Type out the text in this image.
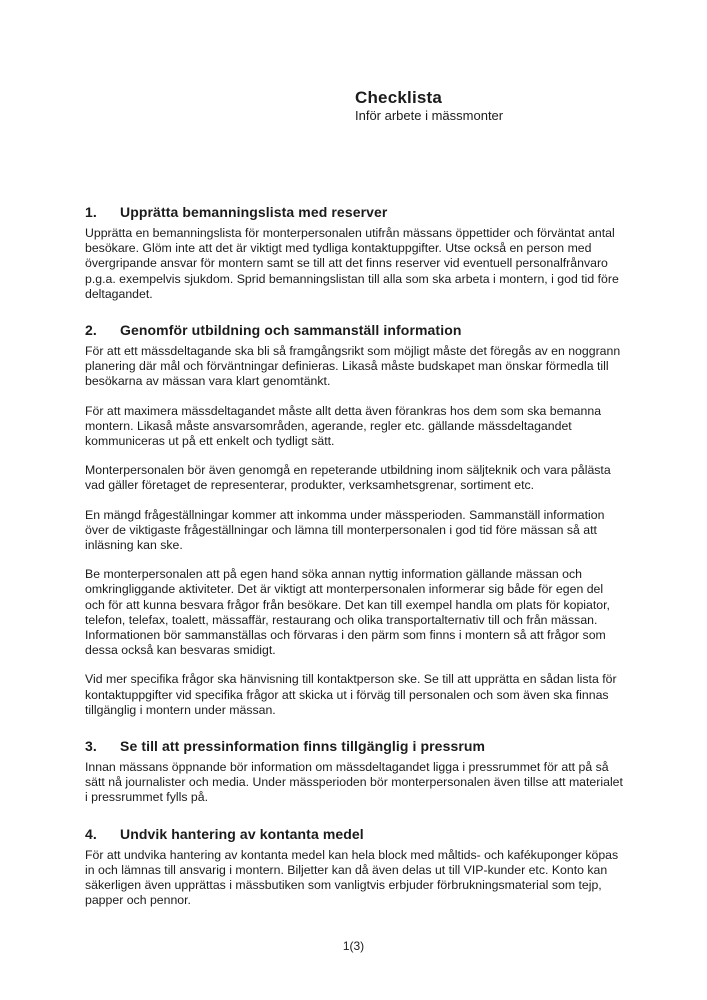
Checklista
Inför arbete i mässmonter
1.	Upprätta bemanningslista med reserver

Upprätta en bemanningslista för monterpersonalen utifrån mässans öppettider och förväntat antal besökare. Glöm inte att det är viktigt med tydliga kontaktuppgifter. Utse också en person med övergripande ansvar för montern samt se till att det finns reserver vid eventuell personalfrånvaro p.g.a. exempelvis sjukdom. Sprid bemanningslistan till alla som ska arbeta i montern, i god tid före deltagandet.

2.	Genomför utbildning och sammanställ information

För att ett mässdeltagande ska bli så framgångsrikt som möjligt måste det föregås av en noggrann planering där mål och förväntningar definieras. Likaså måste budskapet man önskar förmedla till besökarna av mässan vara klart genomtänkt.

För att maximera mässdeltagandet måste allt detta även förankras hos dem som ska bemanna montern. Likaså måste ansvarsområden, agerande, regler etc. gällande mässdeltagandet kommuniceras ut på ett enkelt och tydligt sätt.

Monterpersonalen bör även genomgå en repeterande utbildning inom säljteknik och vara pålästa vad gäller företaget de representerar, produkter, verksamhetsgrenar, sortiment etc.

En mängd frågeställningar kommer att inkomma under mässperioden. Sammanställ information över de viktigaste frågeställningar och lämna till monterpersonalen i god tid före mässan så att inläsning kan ske.

Be monterpersonalen att på egen hand söka annan nyttig information gällande mässan och omkringliggande aktiviteter. Det är viktigt att monterpersonalen informerar sig både för egen del och för att kunna besvara frågor från besökare. Det kan till exempel handla om plats för kopiator, telefon, telefax, toalett, mässaffär, restaurang och olika transportalternativ till och från mässan. Informationen bör sammanställas och förvaras i den pärm som finns i montern så att frågor som dessa också kan besvaras smidigt.

Vid mer specifika frågor ska hänvisning till kontaktperson ske. Se till att upprätta en sådan lista för kontaktuppgifter vid specifika frågor att skicka ut i förväg till personalen och som även ska finnas tillgänglig i montern under mässan.

3.	Se till att pressinformation finns tillgänglig i pressrum

Innan mässans öppnande bör information om mässdeltagandet ligga i pressrummet för att på så sätt nå journalister och media. Under mässperioden bör monterpersonalen även tillse att materialet i pressrummet fylls på.

4.	Undvik hantering av kontanta medel

För att undvika hantering av kontanta medel kan hela block med måltids- och kafékuponger köpas in och lämnas till ansvarig i montern. Biljetter kan då även delas ut till VIP-kunder etc. Konto kan säkerligen även upprättas i mässbutiken som vanligtvis erbjuder förbrukningsmaterial som tejp, papper och pennor.

1(3)
